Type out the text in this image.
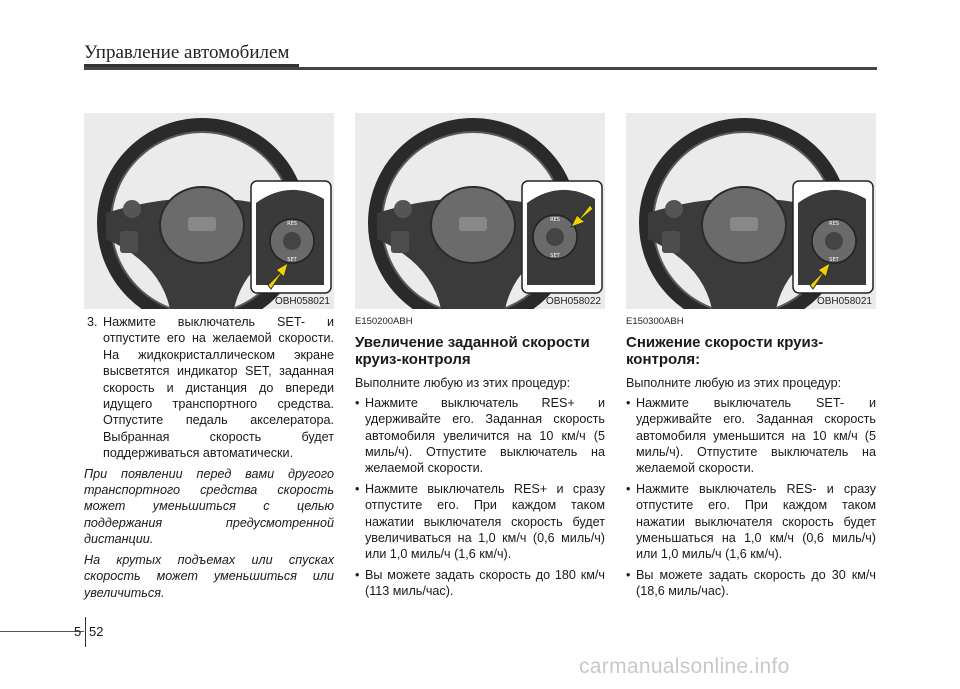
Управление автомобилем
RES
SET
OBH058021
RES
SET
OBH058022
RES
SET
OBH058021
3. Нажмите выключатель SET- и отпустите его на желаемой скорости. На жидкокристаллическом экране высветятся индикатор SET, заданная скорость и дистанция до впереди идущего транспортного средства. Отпустите педаль акселератора. Выбранная скорость будет поддерживаться автоматически.

При появлении перед вами другого транспортного средства скорость может уменьшиться с целью поддержания предусмотренной дистанции.

На крутых подъемах или спусках скорость может уменьшиться или увеличиться.

E150200ABH
Увеличение заданной скорости круиз-контроля

Выполните любую из этих процедур:

• Нажмите выключатель RES+ и удерживайте его. Заданная скорость автомобиля увеличится на 10 км/ч (5 миль/ч). Отпустите выключатель на желаемой скорости.
• Нажмите выключатель RES+ и сразу отпустите его. При каждом таком нажатии выключателя скорость будет увеличиваться на 1,0 км/ч (0,6 миль/ч) или 1,0 миль/ч (1,6 км/ч).
• Вы можете задать скорость до 180 км/ч (113 миль/час).
E150300ABH
Снижение скорости круиз-контроля:

Выполните любую из этих процедур:

• Нажмите выключатель SET- и удерживайте его. Заданная скорость автомобиля уменьшится на 10 км/ч (5 миль/ч). Отпустите выключатель на желаемой скорости.
• Нажмите выключатель RES- и сразу отпустите его. При каждом таком нажатии выключателя скорость будет уменьшаться на 1,0 км/ч (0,6 миль/ч) или 1,0 миль/ч (1,6 км/ч).
• Вы можете задать скорость до 30 км/ч (18,6 миль/час).
5 52
carmanualsonline.info
